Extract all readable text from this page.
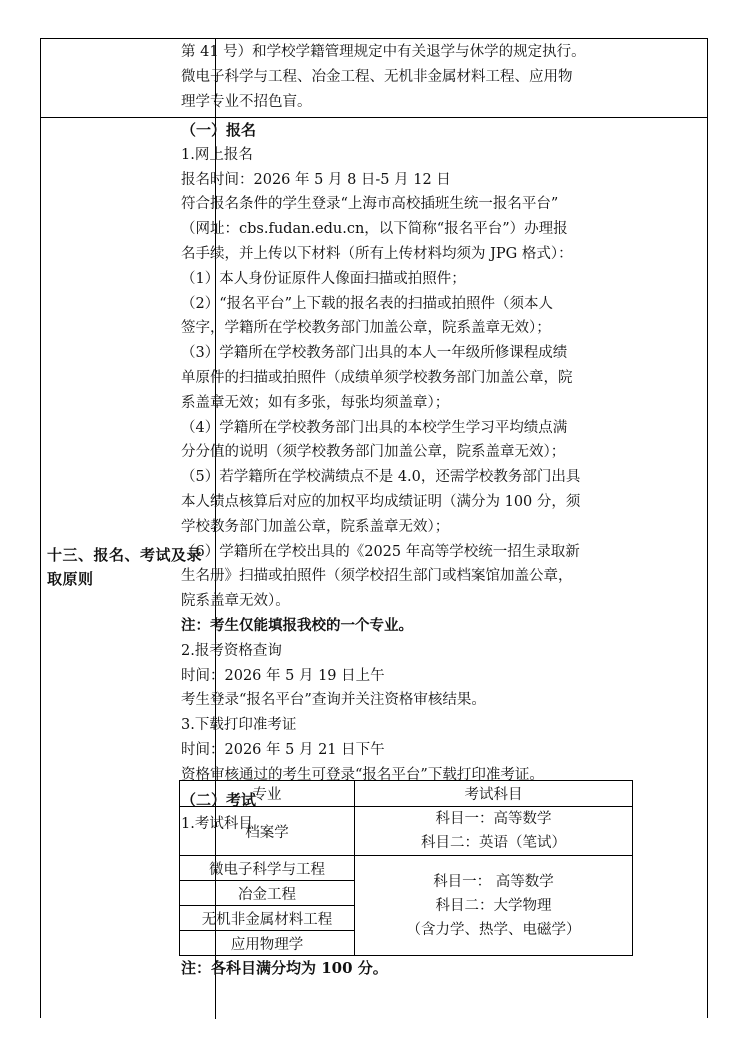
十三、报名、考试及录取原则
第 41 号）和学校学籍管理规定中有关退学与休学的规定执行。
微电子科学与工程、冶金工程、无机非金属材料工程、应用物
理学专业不招色盲。
（一）报名
1.网上报名
报名时间：2026 年 5 月 8 日-5 月 12 日
符合报名条件的学生登录“上海市高校插班生统一报名平台”
（网址：cbs.fudan.edu.cn，以下简称“报名平台”）办理报
名手续，并上传以下材料（所有上传材料均须为 JPG 格式）：
（1）本人身份证原件人像面扫描或拍照件；
（2）“报名平台”上下载的报名表的扫描或拍照件（须本人
签字，学籍所在学校教务部门加盖公章，院系盖章无效）；
（3）学籍所在学校教务部门出具的本人一年级所修课程成绩
单原件的扫描或拍照件（成绩单须学校教务部门加盖公章，院
系盖章无效；如有多张，每张均须盖章）；
（4）学籍所在学校教务部门出具的本校学生学习平均绩点满
分分值的说明（须学校教务部门加盖公章，院系盖章无效）；
（5）若学籍所在学校满绩点不是 4.0，还需学校教务部门出具
本人绩点核算后对应的加权平均成绩证明（满分为 100 分，须
学校教务部门加盖公章，院系盖章无效）；
（6）学籍所在学校出具的《2025 年高等学校统一招生录取新
生名册》扫描或拍照件（须学校招生部门或档案馆加盖公章，
院系盖章无效）。
注：考生仅能填报我校的一个专业。
2.报考资格查询
时间：2026 年 5 月 19 日上午
考生登录“报名平台”查询并关注资格审核结果。
3.下载打印准考证
时间：2026 年 5 月 21 日下午
资格审核通过的考生可登录“报名平台”下载打印准考证。
（二）考试
1.考试科目
专业	考试科目
档案学	科目一：高等数学
科目二：英语（笔试）

微电子科学与工程	科目一： 高等数学
科目二：大学物理
（含力学、热学、电磁学）

冶金工程	
无机非金属材料工程	
应用物理学	
注：各科目满分均为 100 分。
